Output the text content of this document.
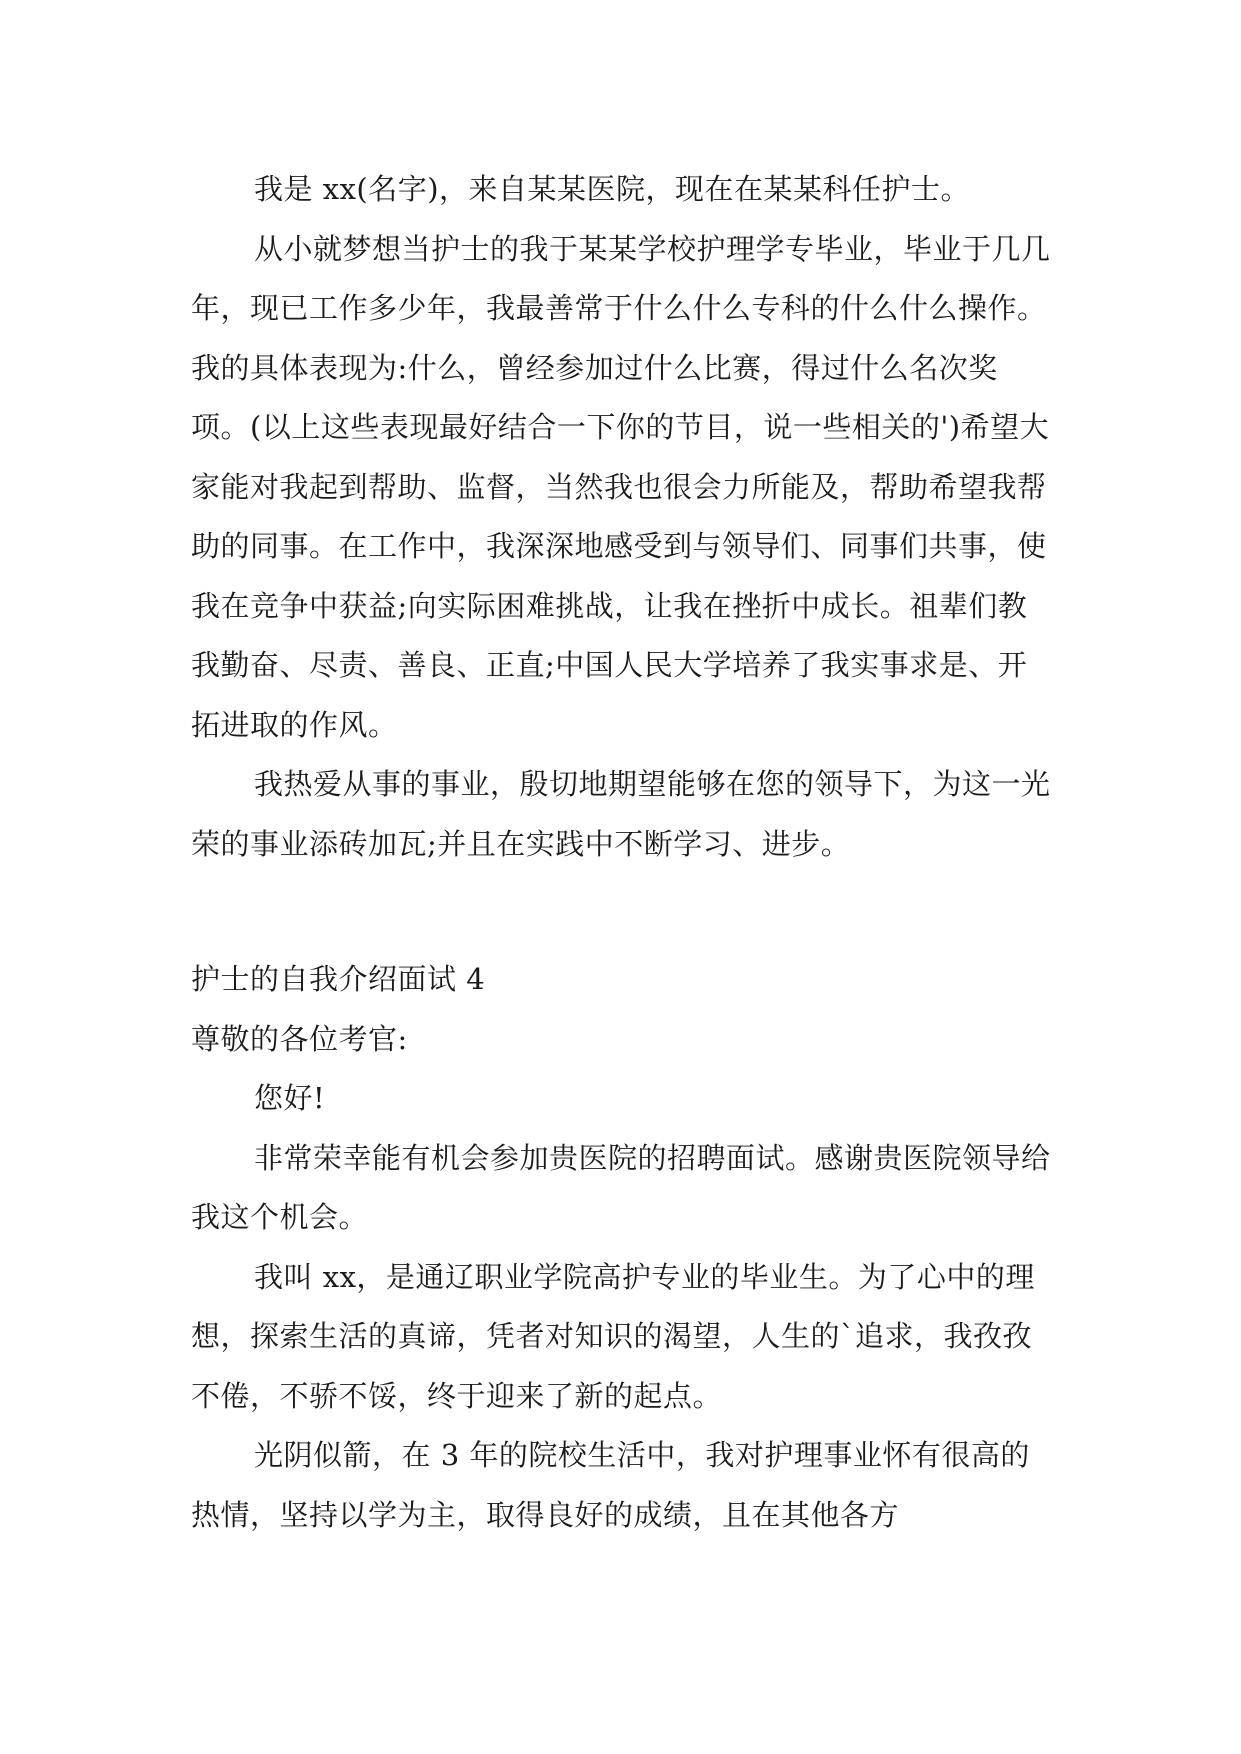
我是 xx(名字)，来自某某医院，现在在某某科任护士。

从小就梦想当护士的我于某某学校护理学专毕业，毕业于几几年，现已工作多少年，我最善常于什么什么专科的什么什么操作。我的具体表现为:什么，曾经参加过什么比赛，得过什么名次奖项。(以上这些表现最好结合一下你的节目，说一些相关的')希望大家能对我起到帮助、监督，当然我也很会力所能及，帮助希望我帮助的同事。在工作中，我深深地感受到与领导们、同事们共事，使我在竞争中获益;向实际困难挑战，让我在挫折中成长。祖辈们教我勤奋、尽责、善良、正直;中国人民大学培养了我实事求是、开拓进取的作风。

我热爱从事的事业，殷切地期望能够在您的领导下，为这一光荣的事业添砖加瓦;并且在实践中不断学习、进步。

护士的自我介绍面试 4

尊敬的各位考官:

您好!

非常荣幸能有机会参加贵医院的招聘面试。感谢贵医院领导给我这个机会。

我叫 xx，是通辽职业学院高护专业的毕业生。为了心中的理想，探索生活的真谛，凭者对知识的渴望，人生的`追求，我孜孜不倦，不骄不馁，终于迎来了新的起点。

光阴似箭，在 3 年的院校生活中，我对护理事业怀有很高的热情，坚持以学为主，取得良好的成绩，且在其他各方
